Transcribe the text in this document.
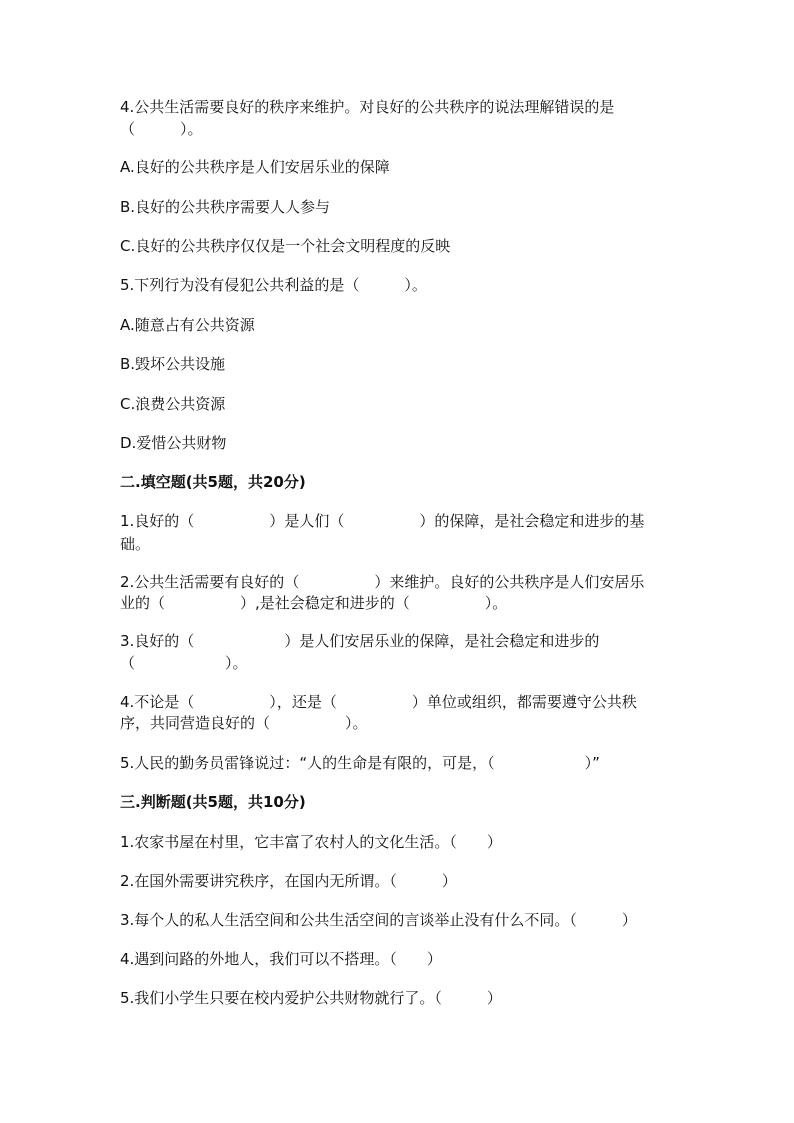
4.公共生活需要良好的秩序来维护。对良好的公共秩序的说法理解错误的是
（　　　）。
A.良好的公共秩序是人们安居乐业的保障
B.良好的公共秩序需要人人参与
C.良好的公共秩序仅仅是一个社会文明程度的反映
5.下列行为没有侵犯公共利益的是（　　　）。
A.随意占有公共资源
B.毁坏公共设施
C.浪费公共资源
D.爱惜公共财物
二.填空题(共5题，共20分)
1.良好的（　　　　　）是人们（　　　　　）的保障，是社会稳定和进步的基
础。
2.公共生活需要有良好的（　　　　　）来维护。良好的公共秩序是人们安居乐
业的（　　　　　）,是社会稳定和进步的（　　　　　）。
3.良好的（　　　　　　）是人们安居乐业的保障，是社会稳定和进步的
（　　　　　　）。
4.不论是（　　　　　），还是（　　　　　）单位或组织，都需要遵守公共秩
序，共同营造良好的（　　　　　）。
5.人民的勤务员雷锋说过：“人的生命是有限的，可是，（　　　　　　）”
三.判断题(共5题，共10分)
1.农家书屋在村里，它丰富了农村人的文化生活。（　　）
2.在国外需要讲究秩序，在国内无所谓。（　　　）
3.每个人的私人生活空间和公共生活空间的言谈举止没有什么不同。（　　　）
4.遇到问路的外地人，我们可以不搭理。（　　）
5.我们小学生只要在校内爱护公共财物就行了。（　　　）
